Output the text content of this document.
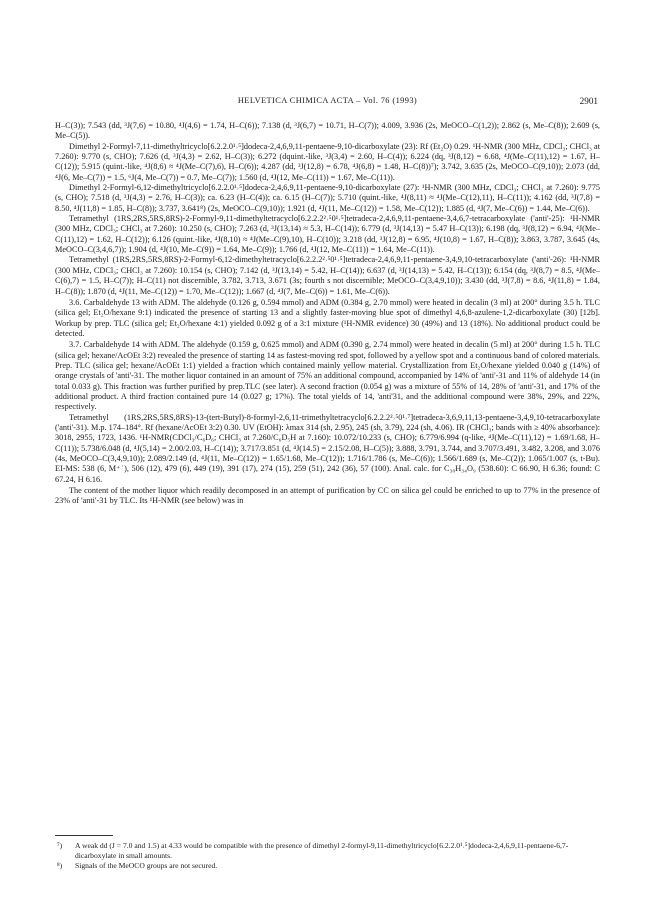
HELVETICA CHIMICA ACTA – Vol. 76 (1993)	2901

H–C(3)); 7.543 (dd, ³J(7,6) = 10.80, ⁴J(4,6) = 1.74, H–C(6)); 7.138 (d, ³J(6,7) = 10.71, H–C(7)); 4.009, 3.936 (2s, MeOCO–C(1,2)); 2.862 (s, Me–C(8)); 2.609 (s, Me–C(5)).

Dimethyl 2-Formyl-7,11-dimethyltricyclo[6.2.2.0¹˒⁵]dodeca-2,4,6,9,11-pentaene-9,10-dicarboxylate (23): Rf (Et₂O) 0.29. ¹H-NMR (300 MHz, CDCl₃; CHCl₃ at 7.260): 9.770 (s, CHO); 7.626 (d, ³J(4,3) = 2.62, H–C(3)); 6.272 (dquint.-like, ³J(3,4) = 2.60, H–C(4)); 6.224 (dq, ³J(8,12) = 6.68, ⁴J(Me–C(11),12) = 1.67, H–C(12)); 5.915 (quint.-like, ⁴J(8,6) ≈ ⁴J(Me–C(7),6), H–C(6)); 4.287 (dd, ³J(12,8) = 6.78, ⁴J(6,8) = 1.48, H–C(8))⁷); 3.742, 3.635 (2s, MeOCO–C(9,10)); 2.073 (dd, ⁴J(6, Me–C(7)) = 1.5, ⁶J(4, Me–C(7)) = 0.7, Me–C(7)); 1.560 (d, ⁴J(12, Me–C(11)) = 1.67, Me–C(11)).

Dimethyl 2-Formyl-6,12-dimethyltricyclo[6.2.2.0¹˒⁵]dodeca-2,4,6,9,11-pentaene-9,10-dicarboxylate (27): ¹H-NMR (300 MHz, CDCl₃; CHCl₃ at 7.260): 9.775 (s, CHO); 7.518 (d, ³J(4,3) = 2.76, H–C(3)); ca. 6.23 (H–C(4)); ca. 6.15 (H–C(7)); 5.710 (quint.-like, ⁴J(8,11) ≈ ⁴J(Me–C(12),11), H–C(11)); 4.162 (dd, ³J(7,8) = 8.50, ⁴J(11,8) = 1.85, H–C(8)); 3.737, 3.641⁸) (2s, MeOCO–C(9,10)); 1.921 (d, ⁴J(11, Me–C(12)) = 1.58, Me–C(12)); 1.885 (d, ⁴J(7, Me–C(6)) = 1.44, Me–C(6)).

Tetramethyl (1RS,2RS,5RS,8RS)-2-Formyl-9,11-dimethyltetracyclo[6.2.2.2²˒⁵0¹˒⁵]tetradeca-2,4,6,9,11-pentaene-3,4,6,7-tetracarboxylate ('anti'-25): ¹H-NMR (300 MHz, CDCl₃; CHCl₃ at 7.260): 10.250 (s, CHO); 7.263 (d, ³J(13,14) ≈ 5.3, H–C(14)); 6.779 (d, ³J(14,13) = 5.47 H–C(13)); 6.198 (dq, ³J(8,12) = 6.94, ⁴J(Me–C(11),12) = 1.62, H–C(12)); 6.126 (quint.-like, ⁴J(8,10) ≈ ⁴J(Me–C(9),10), H–C(10)); 3.218 (dd, ³J(12,8) = 6.95, ⁴J(10,8) = 1.67, H–C(8)); 3.863, 3.787, 3.645 (4s, MeOCO–C(3,4,6,7)); 1.904 (d, ⁴J(10, Me–C(9)) = 1.64, Me–C(9)); 1.766 (d, ⁴J(12, Me–C(11)) = 1.64, Me–C(11)).

Tetramethyl (1RS,2RS,5RS,8RS)-2-Formyl-6,12-dimethyltetracyclo[6.2.2.2²˒⁵0¹˒⁵]tetradeca-2,4,6,9,11-pentaene-3,4,9,10-tetracarboxylate ('anti'-26): ¹H-NMR (300 MHz, CDCl₃; CHCl₃ at 7.260): 10.154 (s, CHO); 7.142 (d, ³J(13,14) = 5.42, H–C(14)); 6.637 (d, ³J(14,13) = 5.42, H–C(13)); 6.154 (dq, ³J(8,7) = 8.5, ⁴J(Me–C(6),7) = 1.5, H–C(7)); H–C(11) not discernible, 3.782, 3.713, 3.671 (3s; fourth s not discernible; MeOCO–C(3,4,9,10)); 3.430 (dd, ³J(7,8) = 8.6, ⁴J(11,8) = 1.84, H–C(8)); 1.870 (d, ⁴J(11, Me–C(12)) = 1.70, Me–C(12)); 1.667 (d, ⁴J(7, Me–C(6)) = 1.61, Me–C(6)).

3.6. Carbaldehyde 13 with ADM. The aldehyde (0.126 g, 0.594 mmol) and ADM (0.384 g, 2.70 mmol) were heated in decalin (3 ml) at 200° during 3.5 h. TLC (silica gel; Et₂O/hexane 9:1) indicated the presence of starting 13 and a slightly faster-moving blue spot of dimethyl 4,6,8-azulene-1,2-dicarboxylate (30) [12b]. Workup by prep. TLC (silica gel; Et₂O/hexane 4:1) yielded 0.092 g of a 3:1 mixture (¹H-NMR evidence) 30 (49%) and 13 (18%). No additional product could be detected.

3.7. Carbaldehyde 14 with ADM. The aldehyde (0.159 g, 0.625 mmol) and ADM (0.390 g, 2.74 mmol) were heated in decalin (5 ml) at 200° during 1.5 h. TLC (silica gel; hexane/AcOEt 3:2) revealed the presence of starting 14 as fastest-moving red spot, followed by a yellow spot and a continuous band of colored materials. Prep. TLC (silica gel; hexane/AcOEt 1:1) yielded a fraction which contained mainly yellow material. Crystallization from Et₂O/hexane yielded 0.040 g (14%) of orange crystals of 'anti'-31. The mother liquor contained in an amount of 75% an additional compound, accompanied by 14% of 'anti'-31 and 11% of aldehyde 14 (in total 0.033 g). This fraction was further purified by prep.TLC (see later). A second fraction (0.054 g) was a mixture of 55% of 14, 28% of 'anti'-31, and 17% of the additional product. A third fraction contained pure 14 (0.027 g; 17%). The total yields of 14, 'anti'31, and the additional compound were 38%, 29%, and 22%, respectively.

Tetramethyl (1RS,2RS,5RS,8RS)-13-(tert-Butyl)-8-formyl-2,6,11-trimethyltetracyclo[6.2.2.2²˒⁵0¹˒⁷]tetradeca-3,6,9,11,13-pentaene-3,4,9,10-tetracarboxylate ('anti'-31). M.p. 174–184°. Rf (hexane/AcOEt 3:2) 0.30. UV (EtOH): λmax 314 (sh, 2.95), 245 (sh, 3.79), 224 (sh, 4.06). IR (CHCl₃; bands with ≥ 40% absorbance): 3018, 2955, 1723, 1436. ¹H-NMR(CDCl₃/C₆D₆; CHCl₃ at 7.260/C₆D₅H at 7.160): 10.072/10.233 (s, CHO); 6.779/6.994 (q-like, ⁴J(Me–C(11),12) = 1.69/1.68, H–C(11)); 5.738/6.048 (d, ⁴J(5,14) = 2.00/2.03, H–C(14)); 3.717/3.851 (d, ⁴J(14.5) = 2.15/2.08, H–C(5)); 3.888, 3.791, 3.744, and 3.707/3.491, 3.482, 3.208, and 3.076 (4s, MeOCO–C(3,4,9,10)); 2.089/2.149 (d, ⁴J(11, Me–C(12)) = 1.65/1.68, Me–C(12)); 1.716/1.786 (s, Me–C(6)); 1.566/1.689 (s, Me–C(2)); 1.065/1.007 (s, t-Bu). EI-MS: 538 (6, M⁺˙), 506 (12), 479 (6), 449 (19), 391 (17), 274 (15), 259 (51), 242 (36), 57 (100). Anal. calc. for C₃₀H₃₄O₉ (538.60): C 66.90, H 6.36; found: C 67.24, H 6.16.

The content of the mother liquor which readily decomposed in an attempt of purification by CC on silica gel could be enriched to up to 77% in the presence of 23% of 'anti'-31 by TLC. Its ¹H-NMR (see below) was in

⁷)	A weak dd (J = 7.0 and 1.5) at 4.33 would be compatible with the presence of dimethyl 2-formyl-9,11-dimethyltricyclo[6.2.2.0¹˒⁵]dodeca-2,4,6,9,11-pentaene-6,7-dicarboxylate in small amounts.
⁸)	Signals of the MeOCO groups are not secured.
